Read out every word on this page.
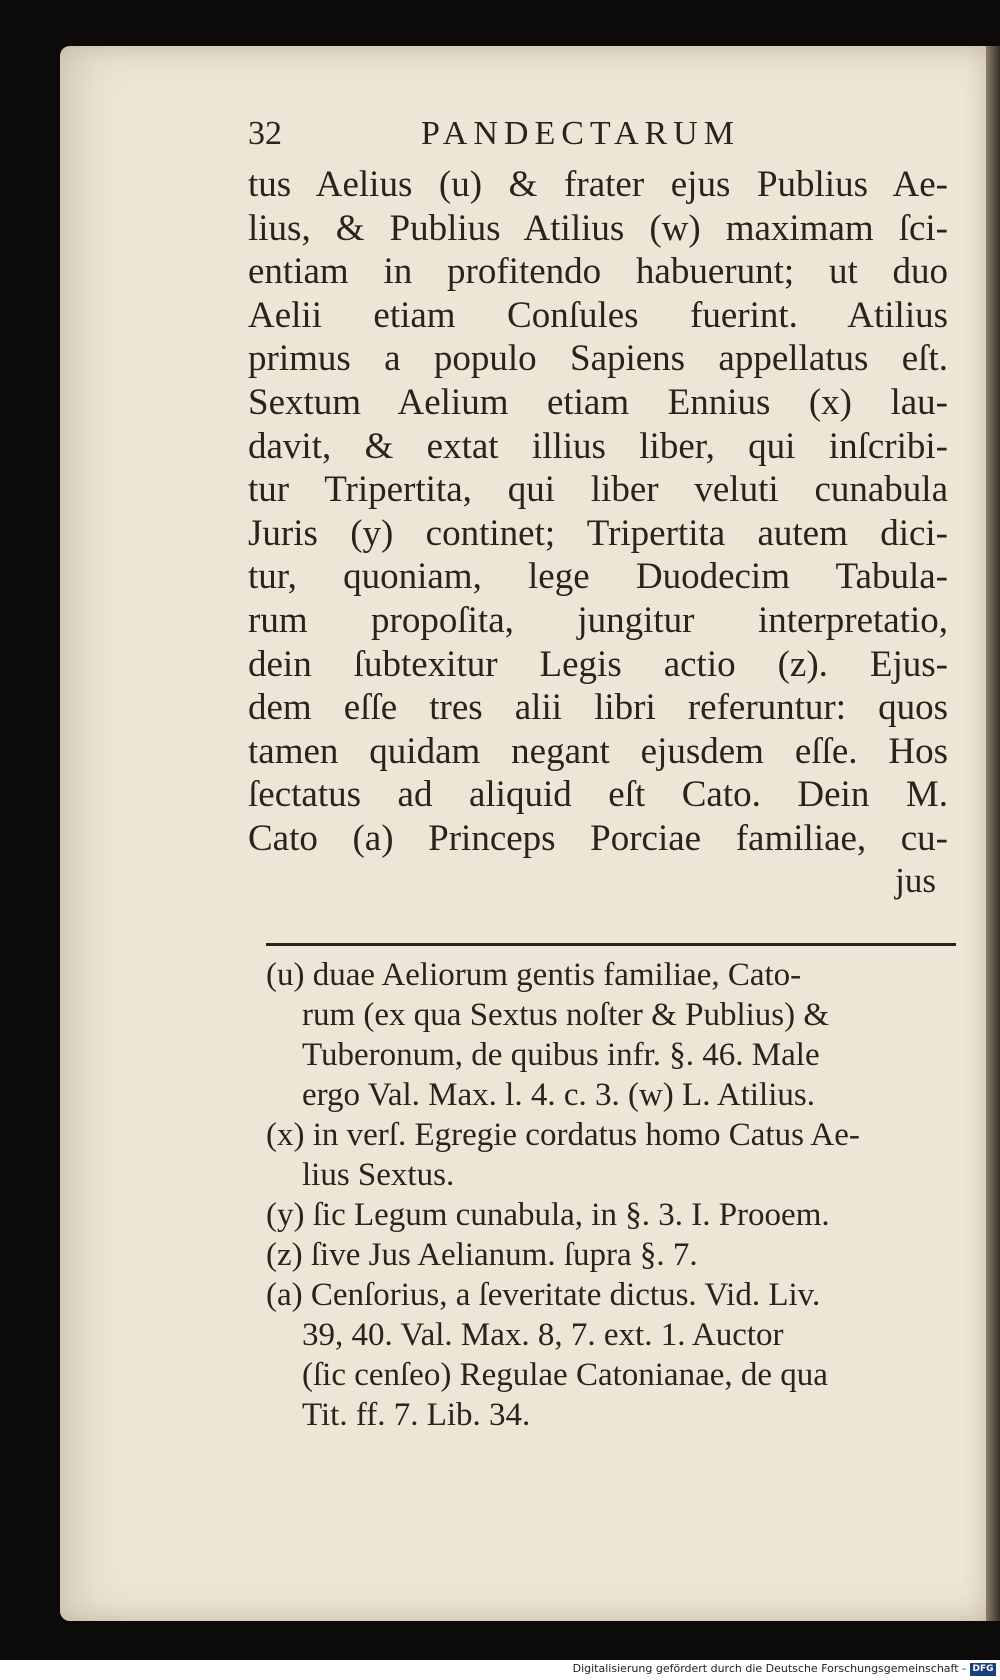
32	PANDECTARUM
tus Aelius (u) & frater ejus Publius Ae-
lius, & Publius Atilius (w) maximam ſci-
entiam in profitendo habuerunt; ut duo
Aelii etiam Conſules fuerint. Atilius
primus a populo Sapiens appellatus eſt.
Sextum Aelium etiam Ennius (x) lau-
davit, & extat illius liber, qui inſcribi-
tur Tripertita, qui liber veluti cunabula
Juris (y) continet; Tripertita autem dici-
tur, quoniam, lege Duodecim Tabula-
rum propoſita, jungitur interpretatio,
dein ſubtexitur Legis actio (z). Ejus-
dem eſſe tres alii libri referuntur: quos
tamen quidam negant ejusdem eſſe. Hos
ſectatus ad aliquid eſt Cato. Dein M.
Cato (a) Princeps Porciae familiae, cu-
jus
(u) duae Aeliorum gentis familiae, Cato-
rum (ex qua Sextus noſter & Publius) &
Tuberonum, de quibus infr. §. 46. Male
ergo Val. Max. l. 4. c. 3. (w) L. Atilius.
(x) in verſ. Egregie cordatus homo Catus Ae-
lius Sextus.
(y) ſic Legum cunabula, in §. 3. I. Prooem.
(z) ſive Jus Aelianum. ſupra §. 7.
(a) Cenſorius, a ſeveritate dictus. Vid. Liv.
39, 40. Val. Max. 8, 7. ext. 1. Auctor
(ſic cenſeo) Regulae Catonianae, de qua
Tit. ff. 7. Lib. 34.
Digitalisierung gefördert durch die Deutsche Forschungsgemeinschaft - DFG
